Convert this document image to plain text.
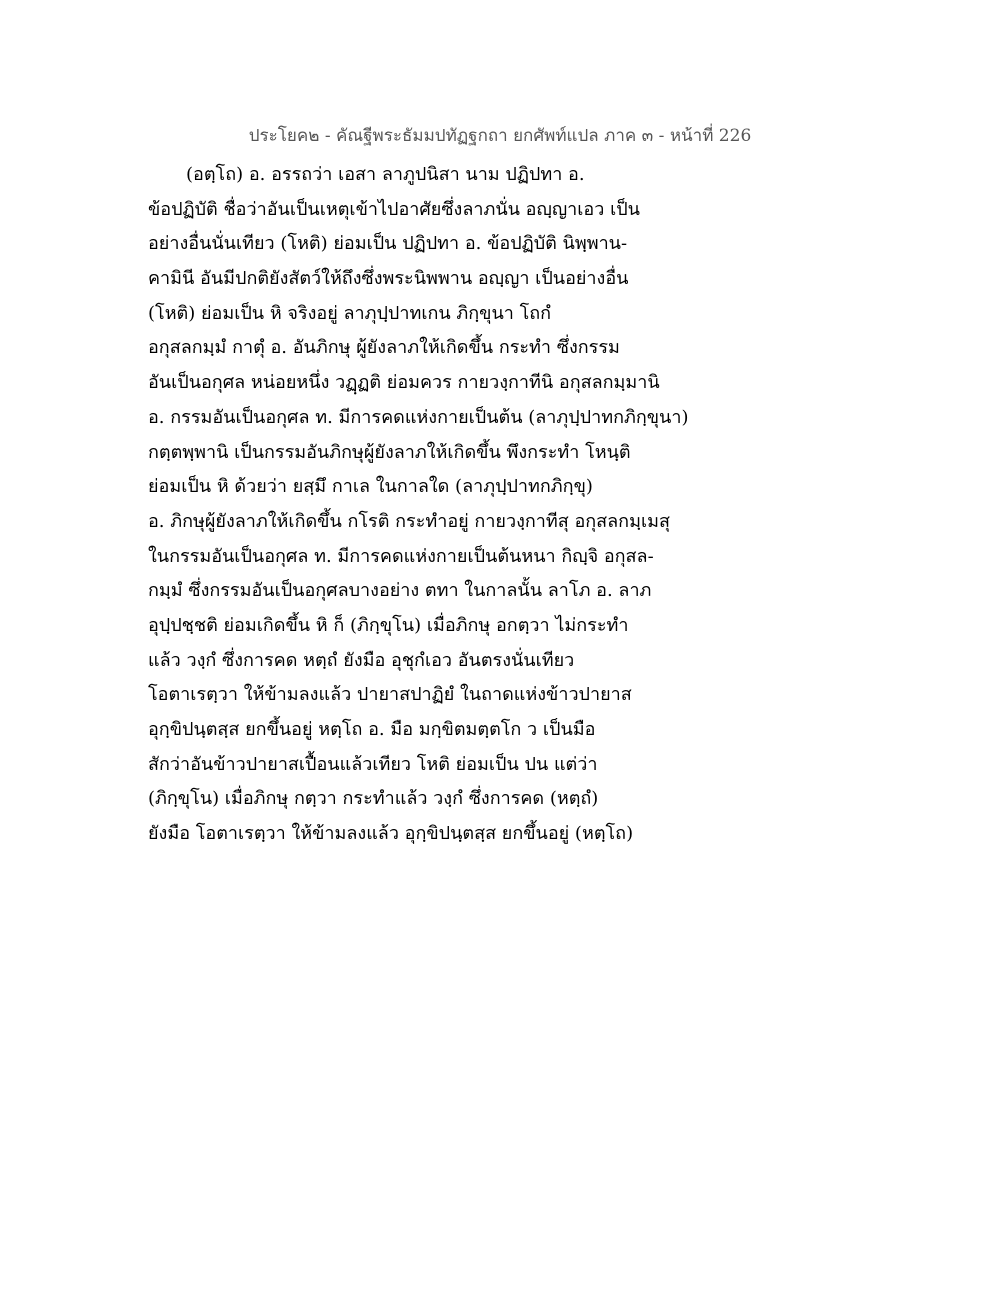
ประโยค๒ - คัณฐีพระธัมมปทัฏฐกถา ยกศัพท์แปล ภาค ๓ - หน้าที่ 226
(อตฺโถ) อ. อรรถว่า เอสา ลาภูปนิสา นาม ปฏิปทา อ.
ข้อปฏิบัติ ชื่อว่าอันเป็นเหตุเข้าไปอาศัยซึ่งลาภนั่น อญฺญาเอว เป็น
อย่างอื่นนั่นเทียว (โหติ) ย่อมเป็น ปฏิปทา อ. ข้อปฏิบัติ นิพฺพาน-
คามินี อันมีปกติยังสัตว์ให้ถึงซึ่งพระนิพพาน อญฺญา เป็นอย่างอื่น
(โหติ) ย่อมเป็น หิ จริงอยู่ ลาภุปฺปาทเกน ภิกฺขุนา โถกํ
อกุสลกมฺมํ กาตุํ อ. อันภิกษุ ผู้ยังลาภให้เกิดขึ้น กระทำ ซึ่งกรรม
อันเป็นอกุศล หน่อยหนึ่ง วฏฺฏติ ย่อมควร กายวงฺกาทีนิ อกุสลกมฺมานิ
อ. กรรมอันเป็นอกุศล ท. มีการคดแห่งกายเป็นต้น (ลาภุปฺปาทกภิกฺขุนา)
กตฺตพฺพานิ เป็นกรรมอันภิกษุผู้ยังลาภให้เกิดขึ้น พึงกระทำ โหนฺติ
ย่อมเป็น หิ ด้วยว่า ยสฺมึ กาเล ในกาลใด (ลาภุปฺปาทกภิกฺขุ)
อ. ภิกษุผู้ยังลาภให้เกิดขึ้น กโรติ กระทำอยู่ กายวงฺกาทีสุ อกุสลกมฺเมสุ
ในกรรมอันเป็นอกุศล ท. มีการคดแห่งกายเป็นต้นหนา กิญฺจิ อกุสล-
กมฺมํ ซึ่งกรรมอันเป็นอกุศลบางอย่าง ตทา ในกาลนั้น ลาโภ อ. ลาภ
อุปฺปชฺชติ ย่อมเกิดขึ้น หิ ก็ (ภิกฺขุโน) เมื่อภิกษุ อกตฺวา ไม่กระทำ
แล้ว วงฺกํ ซึ่งการคด หตฺถํ ยังมือ อุชุกํเอว อันตรงนั่นเทียว
โอตาเรตฺวา ให้ข้ามลงแล้ว ปายาสปาฏิยํ ในถาดแห่งข้าวปายาส
อุกฺขิปนฺตสฺส ยกขึ้นอยู่ หตฺโถ อ. มือ มกฺขิตมตฺตโก ว เป็นมือ
สักว่าอันข้าวปายาสเปื้อนแล้วเทียว โหติ ย่อมเป็น ปน แต่ว่า
(ภิกฺขุโน) เมื่อภิกษุ กตฺวา กระทำแล้ว วงฺกํ ซึ่งการคด (หตฺถํ)
ยังมือ โอตาเรตฺวา ให้ข้ามลงแล้ว อุกฺขิปนฺตสฺส ยกขึ้นอยู่ (หตฺโถ)
